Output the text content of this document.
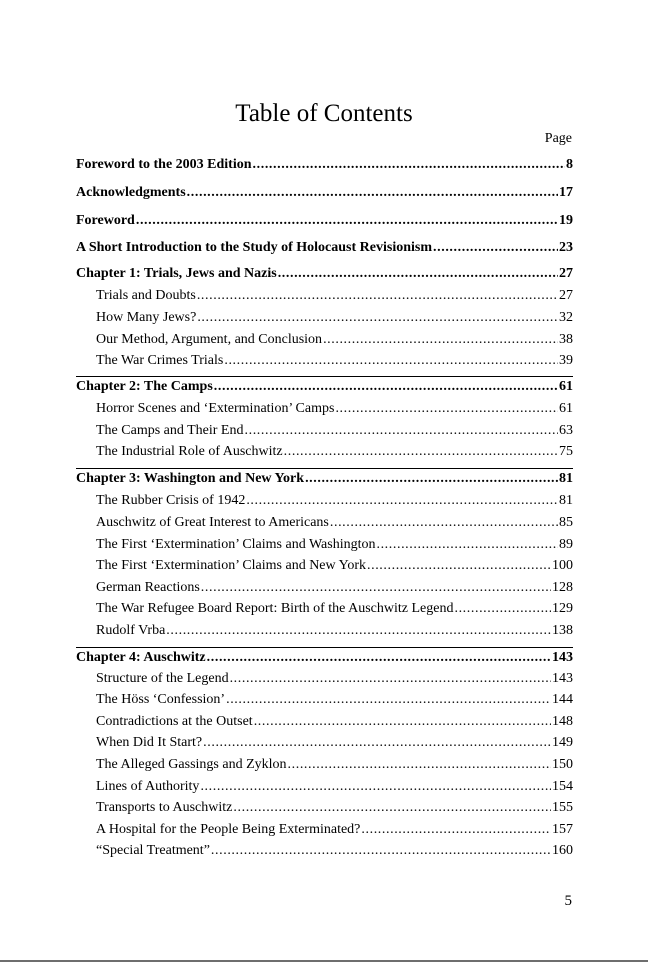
Table of Contents
Page
Foreword to the 2003 Edition .....	8
Acknowledgments .....	17
Foreword .....	19
A Short Introduction to the Study of Holocaust Revisionism .....	23
Chapter 1: Trials, Jews and Nazis .....	27
Trials and Doubts .....	27
How Many Jews? .....	32
Our Method, Argument, and Conclusion .....	38
The War Crimes Trials .....	39
Chapter 2: The Camps .....	61
Horror Scenes and ‘Extermination’ Camps .....	61
The Camps and Their End .....	63
The Industrial Role of Auschwitz .....	75
Chapter 3: Washington and New York .....	81
The Rubber Crisis of 1942 .....	81
Auschwitz of Great Interest to Americans .....	85
The First ‘Extermination’ Claims and Washington .....	89
The First ‘Extermination’ Claims and New York .....	100
German Reactions .....	128
The War Refugee Board Report: Birth of the Auschwitz Legend .....	129
Rudolf Vrba .....	138
Chapter 4: Auschwitz .....	143
Structure of the Legend .....	143
The Höss ‘Confession’ .....	144
Contradictions at the Outset .....	148
When Did It Start? .....	149
The Alleged Gassings and Zyklon .....	150
Lines of Authority .....	154
Transports to Auschwitz .....	155
A Hospital for the People Being Exterminated? .....	157
“Special Treatment” .....	160
5
